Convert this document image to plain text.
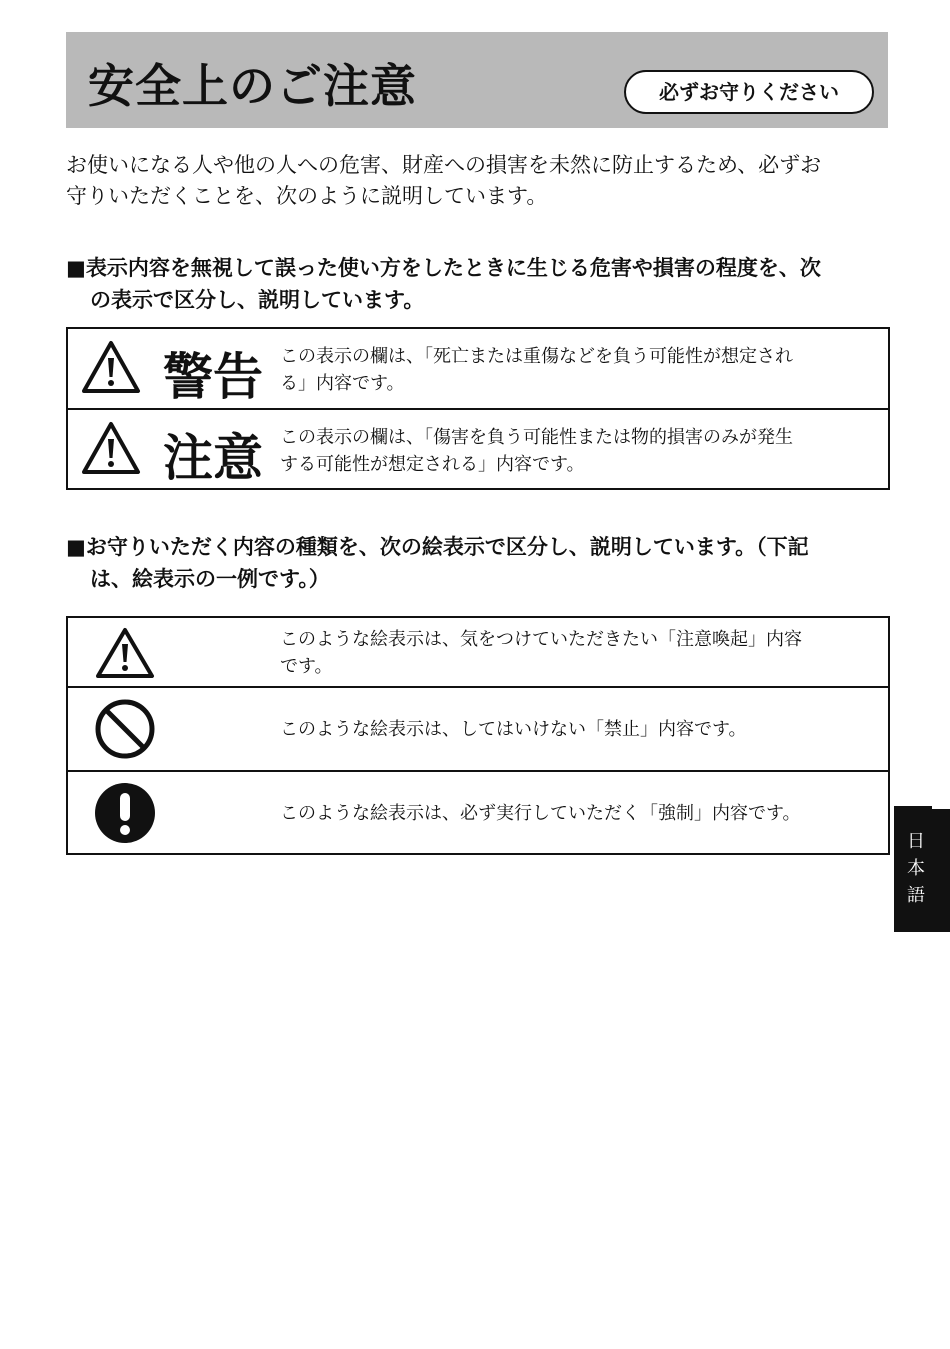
安全上のご注意	必ずお守りください
お使いになる人や他の人への危害、財産への損害を未然に防止するため、必ずお
守りいただくことを、次のように説明しています。
■表示内容を無視して誤った使い方をしたときに生じる危害や損害の程度を、次
の表示で区分し、説明しています。
警告 この表示の欄は、「死亡または重傷などを負う可能性が想定され
る」内容です。
注意 この表示の欄は、「傷害を負う可能性または物的損害のみが発生
する可能性が想定される」内容です。
■お守りいただく内容の種類を、次の絵表示で区分し、説明しています。（下記
は、絵表示の一例です。）
このような絵表示は、気をつけていただきたい「注意喚起」内容
です。
このような絵表示は、してはいけない「禁止」内容です。
このような絵表示は、必ず実行していただく「強制」内容です。
日
本
語
